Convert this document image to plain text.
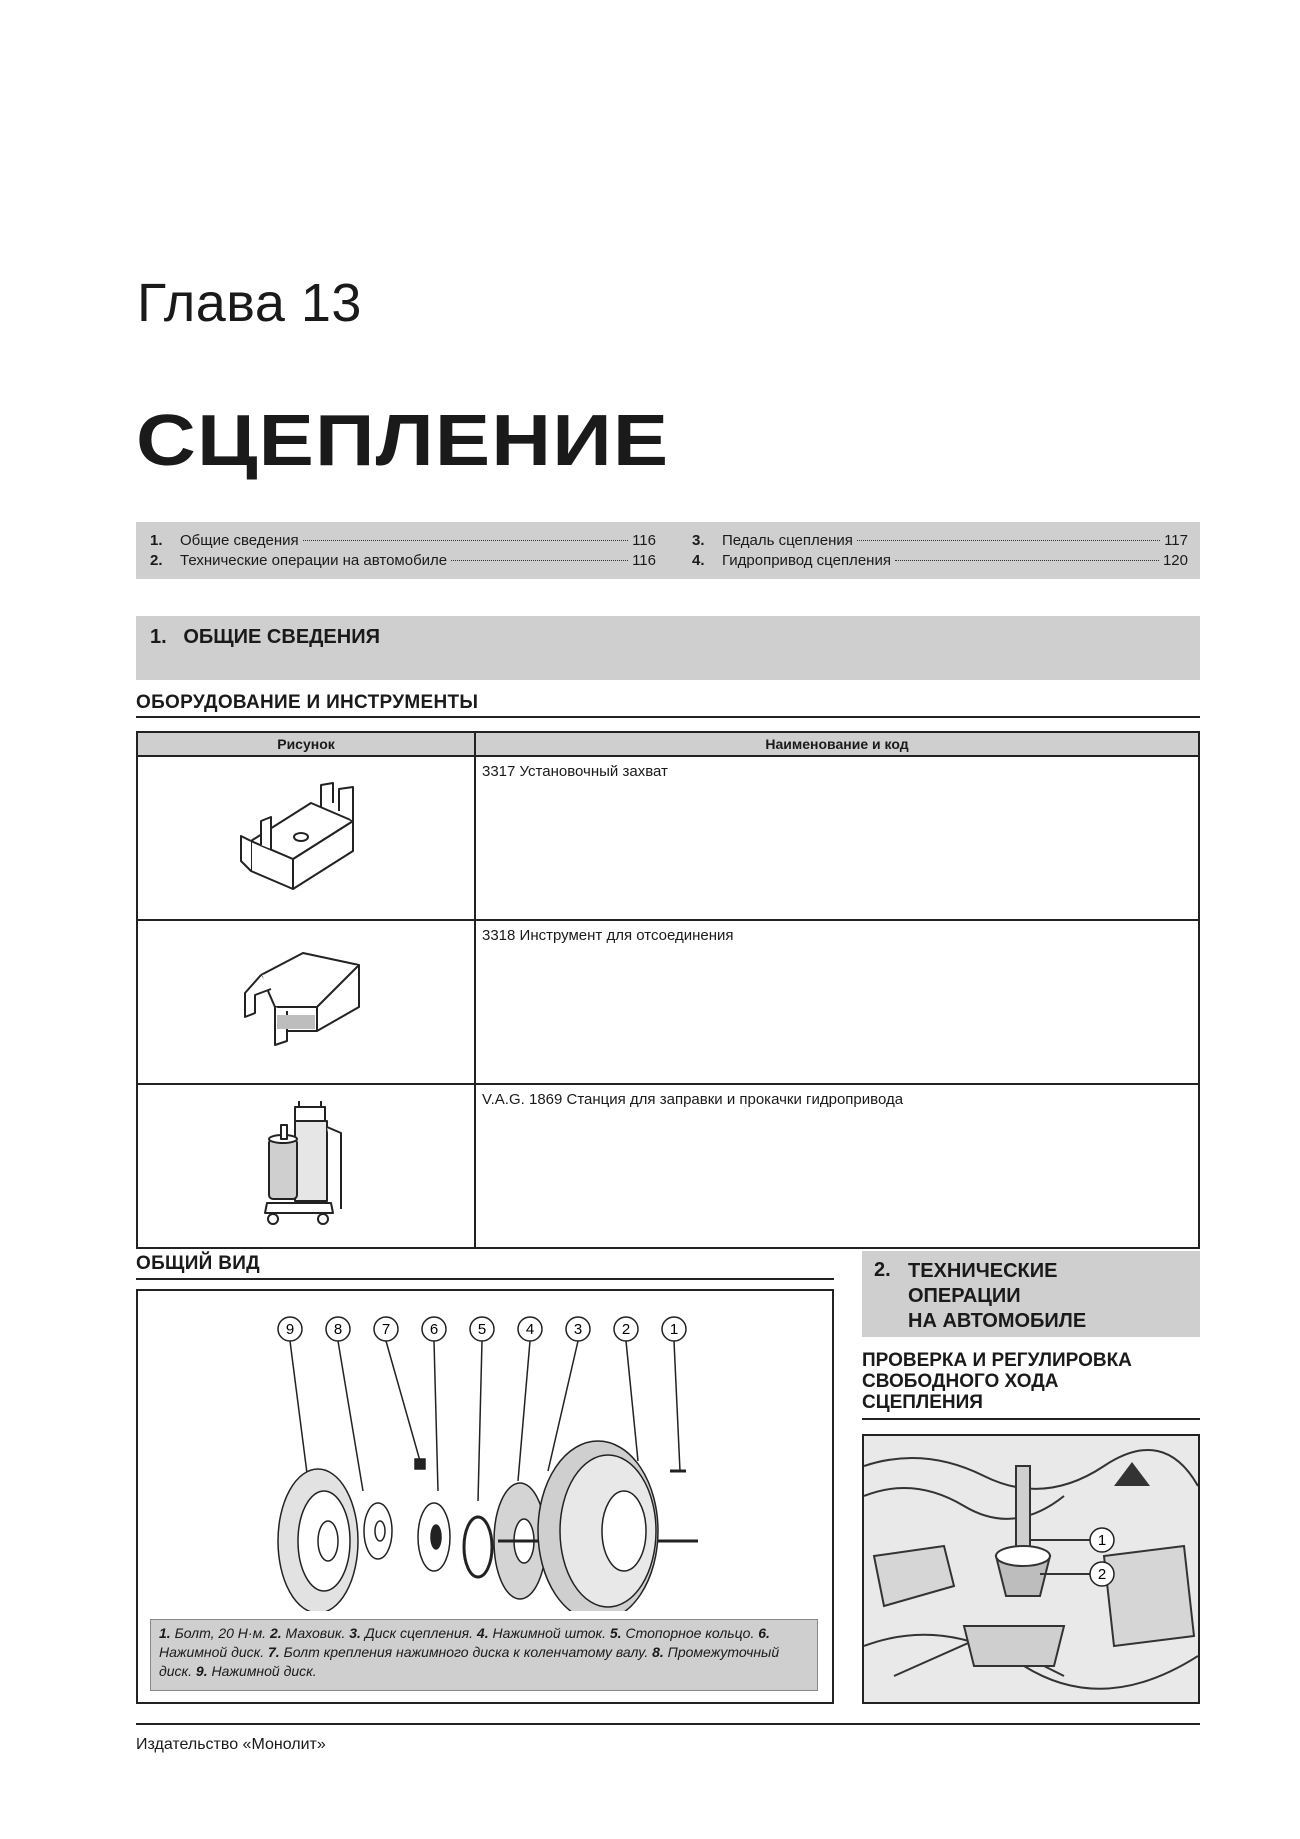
Глава 13
СЦЕПЛЕНИЕ
1.	Общие сведения	116
2.	Технические операции на автомобиле	116
3.	Педаль сцепления	117
4.	Гидропривод сцепления	120
1.   ОБЩИЕ СВЕДЕНИЯ
ОБОРУДОВАНИЕ И ИНСТРУМЕНТЫ
Рисунок	Наименование и код
	3317 Установочный захват
	3318 Инструмент для отсоединения
	V.A.G. 1869 Станция для заправки и прокачки гидропривода
ОБЩИЙ ВИД
9	8	7	6	5	4	3	2	1
1. Болт, 20 Н·м. 2. Маховик. 3. Диск сцепления. 4. Нажимной шток. 5. Стопорное кольцо. 6. Нажимной диск. 7. Болт крепления нажимного диска к коленчатому валу. 8. Промежуточный диск. 9. Нажимной диск.
2. ТЕХНИЧЕСКИЕ
ОПЕРАЦИИ
НА АВТОМОБИЛЕ
ПРОВЕРКА И РЕГУЛИРОВКА
СВОБОДНОГО ХОДА
СЦЕПЛЕНИЯ
1
2
Издательство «Монолит»
